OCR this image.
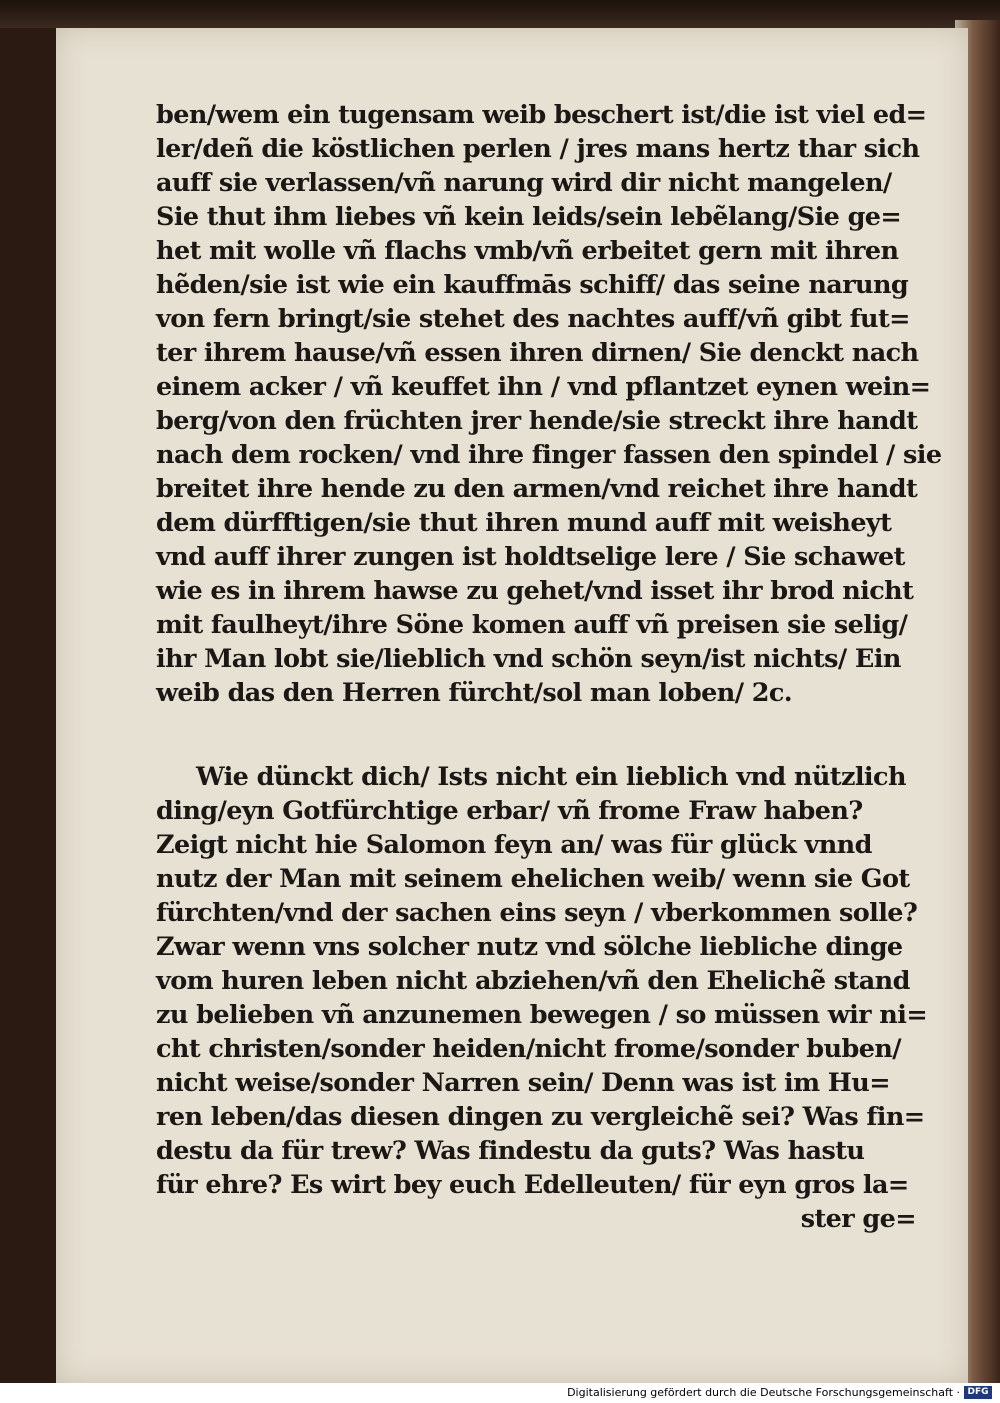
ben/wem ein tugensam weib beschert ist/die ist viel ed=
ler/deñ die köstlichen perlen / jres mans hertz thar sich
auff sie verlassen/vñ narung wird dir nicht mangelen/
Sie thut ihm liebes vñ kein leids/sein lebẽlang/Sie ge=
het mit wolle vñ flachs vmb/vñ erbeitet gern mit ihren
hẽden/sie ist wie ein kauffmās schiff/ das seine narung
von fern bringt/sie stehet des nachtes auff/vñ gibt fut=
ter ihrem hause/vñ essen ihren dirnen/ Sie denckt nach
einem acker / vñ keuffet ihn / vnd pflantzet eynen wein=
berg/von den früchten jrer hende/sie streckt ihre handt
nach dem rocken/ vnd ihre finger fassen den spindel / sie
breitet ihre hende zu den armen/vnd reichet ihre handt
dem dürfftigen/sie thut ihren mund auff mit weisheyt
vnd auff ihrer zungen ist holdtselige lere / Sie schawet
wie es in ihrem hawse zu gehet/vnd isset ihr brod nicht
mit faulheyt/ihre Söne komen auff vñ preisen sie selig/
ihr Man lobt sie/lieblich vnd schön seyn/ist nichts/ Ein
weib das den Herren fürcht/sol man loben/ 2c.
Wie dünckt dich/ Ists nicht ein lieblich vnd nützlich
ding/eyn Gotfürchtige erbar/ vñ frome Fraw haben?
Zeigt nicht hie Salomon feyn an/ was für glück vnnd
nutz der Man mit seinem ehelichen weib/ wenn sie Got
fürchten/vnd der sachen eins seyn / vberkommen solle?
Zwar wenn vns solcher nutz vnd sölche liebliche dinge
vom huren leben nicht abziehen/vñ den Ehelichẽ stand
zu belieben vñ anzunemen bewegen / so müssen wir ni=
cht christen/sonder heiden/nicht frome/sonder buben/
nicht weise/sonder Narren sein/ Denn was ist im Hu=
ren leben/das diesen dingen zu vergleichẽ sei? Was fin=
destu da für trew? Was findestu da guts? Was hastu
für ehre? Es wirt bey euch Edelleuten/ für eyn gros la=
ster ge=
Digitalisierung gefördert durch die Deutsche Forschungsgemeinschaft · DFG
